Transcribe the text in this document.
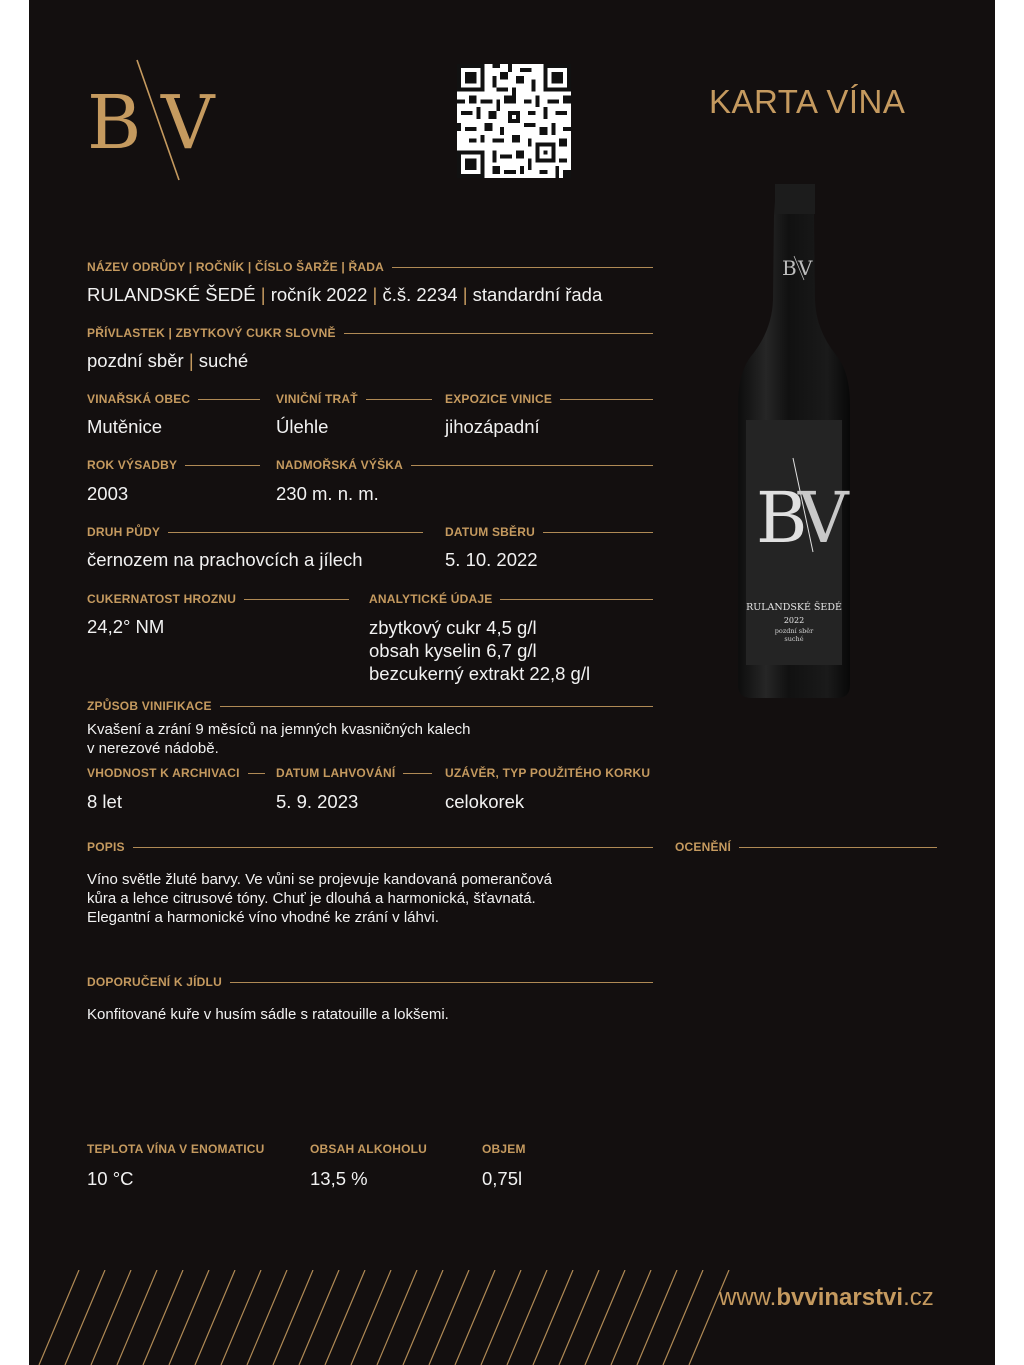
B V	KARTA VÍNA
B V
B
V
RULANDSKÉ ŠEDÉ
2022
pozdní sběr
suché
NÁZEV ODRŮDY | ROČNÍK | ČÍSLO ŠARŽE | ŘADA
RULANDSKÉ ŠEDÉ | ročník 2022 | č.š. 2234 | standardní řada
PŘÍVLASTEK | ZBYTKOVÝ CUKR SLOVNĚ
pozdní sběr | suché
VINAŘSKÁ OBEC
Mutěnice
VINIČNÍ TRAŤ
Úlehle
EXPOZICE VINICE
jihozápadní
ROK VÝSADBY
2003
NADMOŘSKÁ VÝŠKA
230 m. n. m.
DRUH PŮDY
černozem na prachovcích a jílech
DATUM SBĚRU
5. 10. 2022
CUKERNATOST HROZNU
24,2° NM
ANALYTICKÉ ÚDAJE
zbytkový cukr 4,5 g/l
obsah kyselin 6,7 g/l
bezcukerný extrakt 22,8 g/l
ZPŮSOB VINIFIKACE
Kvašení a zrání 9 měsíců na jemných kvasničných kalech
v nerezové nádobě.
VHODNOST K ARCHIVACI
8 let
DATUM LAHVOVÁNÍ
5. 9. 2023
UZÁVĚR, TYP POUŽITÉHO KORKU
celokorek
POPIS	OCENĚNÍ
Víno světle žluté barvy. Ve vůni se projevuje kandovaná pomerančová
kůra a lehce citrusové tóny. Chuť je dlouhá a harmonická, šťavnatá.
Elegantní a harmonické víno vhodné ke zrání v láhvi.
DOPORUČENÍ K JÍDLU
Konfitované kuře v husím sádle s ratatouille a lokšemi.
TEPLOTA VÍNA V ENOMATICU
10 °C
OBSAH ALKOHOLU
13,5 %
OBJEM
0,75l
www.bvvinarstvi.cz
